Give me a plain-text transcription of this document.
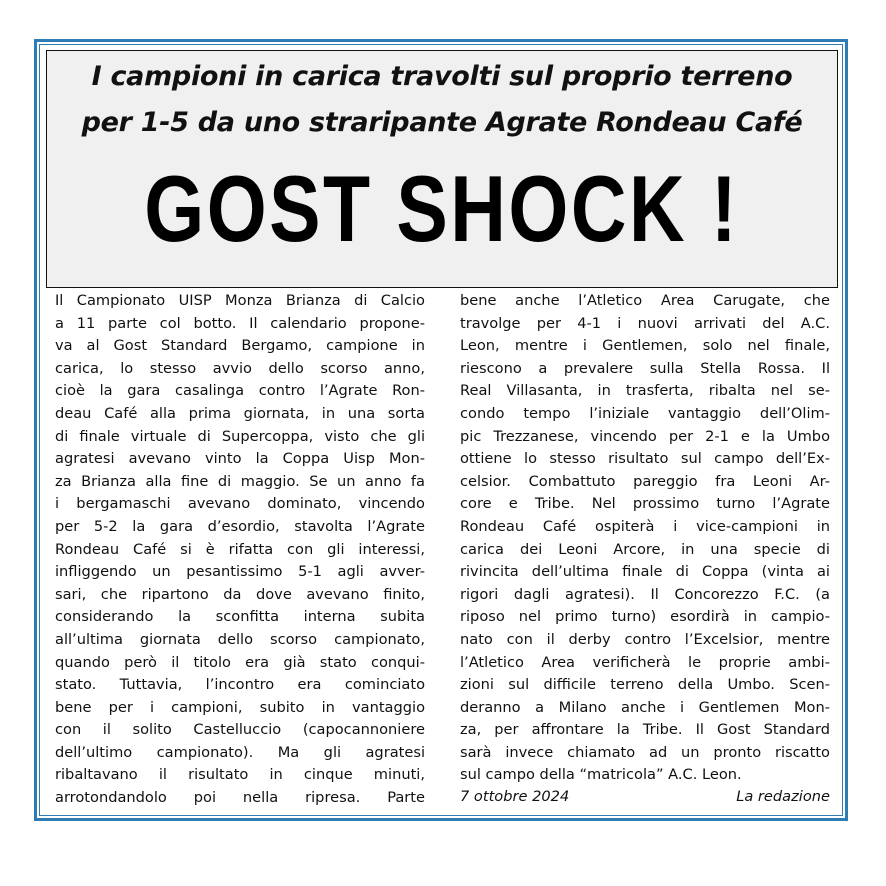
I campioni in carica travolti sul proprio terreno
per 1-5 da uno straripante Agrate Rondeau Café
GOST SHOCK !

Il Campionato UISP Monza Brianza di Calcio

a 11 parte col botto. Il calendario propone-

va al Gost Standard Bergamo, campione in

carica, lo stesso avvio dello scorso anno,

cioè la gara casalinga contro l’Agrate Ron-

deau Café alla prima giornata, in una sorta

di finale virtuale di Supercoppa, visto che gli

agratesi avevano vinto la Coppa Uisp Mon-

za Brianza alla fine di maggio. Se un anno fa

i bergamaschi avevano dominato, vincendo

per 5-2 la gara d’esordio, stavolta l’Agrate

Rondeau Café si è rifatta con gli interessi,

infliggendo un pesantissimo 5-1 agli avver-

sari, che ripartono da dove avevano finito,

considerando la sconfitta interna subita

all’ultima giornata dello scorso campionato,

quando però il titolo era già stato conqui-

stato. Tuttavia, l’incontro era cominciato

bene per i campioni, subito in vantaggio

con il solito Castelluccio (capocannoniere

dell’ultimo campionato). Ma gli agratesi

ribaltavano il risultato in cinque minuti,

arrotondandolo poi nella ripresa. Parte

bene anche l’Atletico Area Carugate, che

travolge per 4-1 i nuovi arrivati del A.C.

Leon, mentre i Gentlemen, solo nel finale,

riescono a prevalere sulla Stella Rossa. Il

Real Villasanta, in trasferta, ribalta nel se-

condo tempo l’iniziale vantaggio dell’Olim-

pic Trezzanese, vincendo per 2-1 e la Umbo

ottiene lo stesso risultato sul campo dell’Ex-

celsior. Combattuto pareggio fra Leoni Ar-

core e Tribe. Nel prossimo turno l’Agrate

Rondeau Café ospiterà i vice-campioni in

carica dei Leoni Arcore, in una specie di

rivincita dell’ultima finale di Coppa (vinta ai

rigori dagli agratesi). Il Concorezzo F.C. (a

riposo nel primo turno) esordirà in campio-

nato con il derby contro l’Excelsior, mentre

l’Atletico Area verificherà le proprie ambi-

zioni sul difficile terreno della Umbo. Scen-

deranno a Milano anche i Gentlemen Mon-

za, per affrontare la Tribe. Il Gost Standard

sarà invece chiamato ad un pronto riscatto

sul campo della “matricola” A.C. Leon.

7 ottobre 2024	La redazione
